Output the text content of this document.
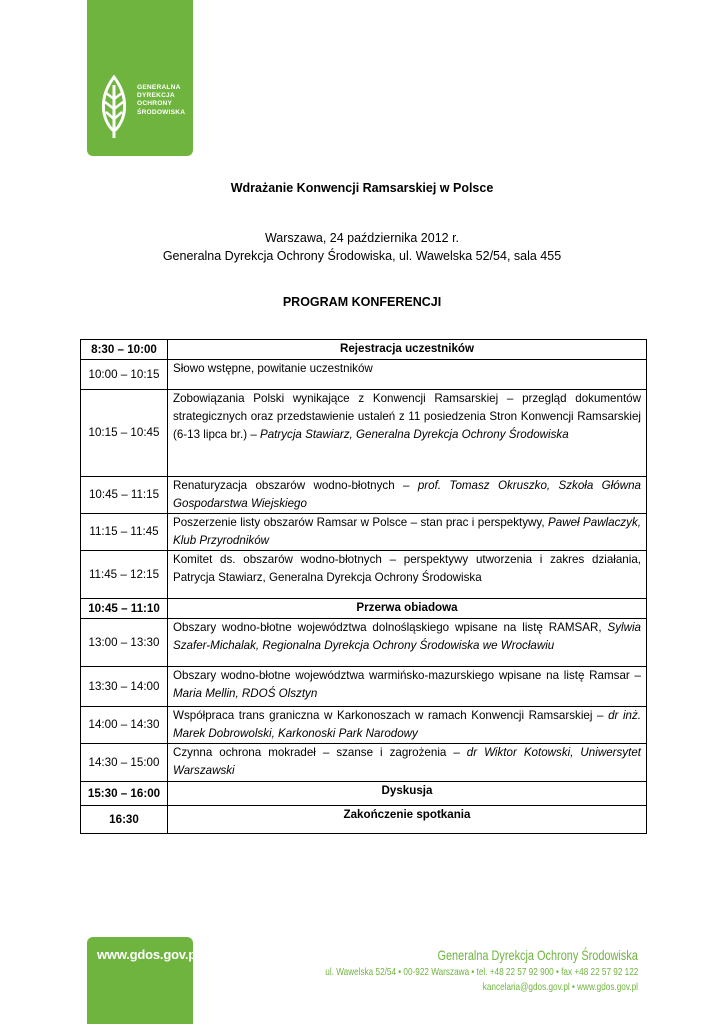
GENERALNA
DYREKCJA
OCHRONY
ŚRODOWISKA
Wdrażanie Konwencji Ramsarskiej w Polsce
Warszawa, 24 października 2012 r.
Generalna Dyrekcja Ochrony Środowiska, ul. Wawelska 52/54, sala 455
PROGRAM KONFERENCJI
8:30 – 10:00	Rejestracja uczestników
10:00 – 10:15	Słowo wstępne, powitanie uczestników
10:15 – 10:45	Zobowiązania Polski wynikające z Konwencji Ramsarskiej – przegląd dokumentów strategicznych oraz przedstawienie ustaleń z 11 posiedzenia Stron Konwencji Ramsarskiej (6-13 lipca br.) – Patrycja Stawiarz, Generalna Dyrekcja Ochrony Środowiska
10:45 – 11:15	Renaturyzacja obszarów wodno-błotnych – prof. Tomasz Okruszko, Szkoła Główna Gospodarstwa Wiejskiego
11:15 – 11:45	Poszerzenie listy obszarów Ramsar w Polsce – stan prac i perspektywy, Paweł Pawlaczyk, Klub Przyrodników
11:45 – 12:15	Komitet ds. obszarów wodno-błotnych – perspektywy utworzenia i zakres działania, Patrycja Stawiarz, Generalna Dyrekcja Ochrony Środowiska
10:45 – 11:10	Przerwa obiadowa
13:00 – 13:30	Obszary wodno-błotne województwa dolnośląskiego wpisane na listę RAMSAR, Sylwia Szafer-Michalak, Regionalna Dyrekcja Ochrony Środowiska we Wrocławiu
13:30 – 14:00	Obszary wodno-błotne województwa warmińsko-mazurskiego wpisane na listę Ramsar – Maria Mellin, RDOŚ Olsztyn
14:00 – 14:30	Współpraca trans graniczna w Karkonoszach w ramach Konwencji Ramsarskiej – dr inż. Marek Dobrowolski, Karkonoski Park Narodowy
14:30 – 15:00	Czynna ochrona mokradeł – szanse i zagrożenia – dr Wiktor Kotowski, Uniwersytet Warszawski
15:30 – 16:00	Dyskusja
16:30	Zakończenie spotkania
www.gdos.gov.pl	Generalna Dyrekcja Ochrony Środowiska
ul. Wawelska 52/54 • 00-922 Warszawa • tel. +48 22 57 92 900 • fax +48 22 57 92 122
kancelaria@gdos.gov.pl • www.gdos.gov.pl
